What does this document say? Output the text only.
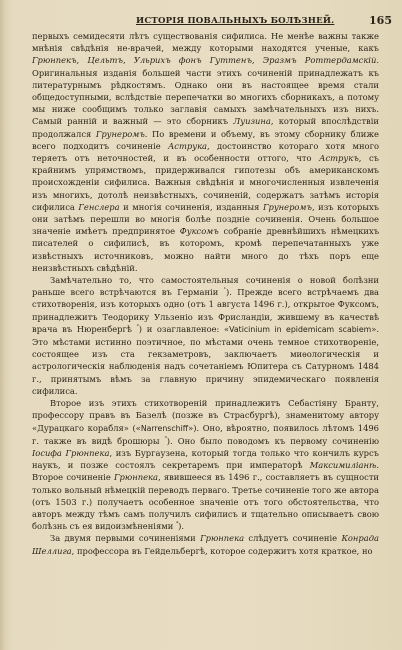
ИСТОРІЯ ПОВАЛЬНЫХЪ БОЛѢЗНЕЙ.	165

первыхъ семидесяти лѣтъ существованія сифилиса. Не менѣе важны также мнѣнія свѣдѣнія не-врачей, между которыми находятся ученые, какъ Грюнпекъ, Цельтъ, Ульрихъ фонъ Гуттенъ, Эразмъ Роттердамскій. Оригинальныя изданія большей части этихъ сочиненій принадлежатъ къ литературнымъ рѣдкостямъ. Однако они въ настоящее время стали общедоступными, вслѣдствіе перепечатки во многихъ сборникахъ, а потому мы ниже сообщимъ только заглавія самыхъ замѣчательныхъ изъ нихъ. Самый ранній и важный — это сборникъ Луизина, который впослѣдствіи продолжался Грунеромъ. По времени и объему, въ этому сборнику ближе всего подходитъ сочиненіе Аструка, достоинство котораго хотя много теряетъ отъ неточностей, и въ особенности оттого, что Аструкъ, съ крайнимъ упрямствомъ, придерживался гипотезы объ американскомъ происхожденіи сифилиса. Важныя свѣдѣнія и многочисленныя извлеченія изъ многихъ, дотолѣ неизвѣстныхъ, сочиненій, содержатъ затѣмъ исторія сифилиса Генслера и многія сочиненія, изданныя Грунеромъ, изъ которыхъ они затѣмъ перешли во многія болѣе поздніе сочиненія. Очень большое значеніе имѣетъ предпринятое Фуксомъ собраніе древнѣйшихъ нѣмецкихъ писателей о сифилисѣ, въ которомъ, кромѣ перепечатанныхъ уже извѣстныхъ источниковъ, можно найти много до тѣхъ поръ еще неизвѣстныхъ свѣдѣній.

Замѣчательно то, что самостоятельныя сочиненія о новой болѣзни раньше всего встрѣчаются въ Германіи $^{^1}$). Прежде всего встрѣчаемъ два стихотворенія, изъ которыхъ одно (отъ 1 августа 1496 г.), открытое Фуксомъ, принадлежитъ Теодорику Ульзеніо изъ Фрисландіи, жившему въ качествѣ врача въ Нюренбергѣ $^{^2}$) и озаглавленое: «Vaticinium in epidemicam scabiem». Это мѣстами истинно поэтичное, по мѣстами очень темное стихотвореніе, состоящее изъ ста гекзаметровъ, заключаетъ миѳологическія и астрологическія наблюденія надъ сочетаніемъ Юпитера съ Сатурномъ 1484 г., принятымъ вѣмъ за главную причину эпидемическаго появленія сифилиса.

Второе изъ этихъ стихотвореній принадлежитъ Себастіяну Бранту, профессору правъ въ Базелѣ (позже въ Страсбургѣ), знаменитому автору «Дурацкаго корабля» («Narrenschiff»). Оно, вѣроятно, появилось лѣтомъ 1496 г. также въ видѣ брошюры $^{^3}$). Оно было поводомъ къ первому сочиненію Іосифа Грюнпека, изъ Бургаузена, который тогда только что кончилъ курсъ наукъ, и позже состоялъ секретаремъ при императорѣ Максимиліанѣ. Второе сочиненіе Грюнпека, явившееся въ 1496 г., составляетъ въ сущности только вольный нѣмецкій переводъ перваго. Третье сочиненіе того же автора (отъ 1503 г.) получаетъ особенное значеніе отъ того обстоятельства, что авторъ между тѣмъ самъ получилъ сифилисъ и тщательно описываетъ свою болѣзнь съ ея видоизмѣненіями $^{^4}$).

За двумя первыми сочиненіями Грюнпека слѣдуетъ сочиненіе Конрада Шеллига, профессора въ Гейдельбергѣ, которое содержитъ хотя краткое, но
